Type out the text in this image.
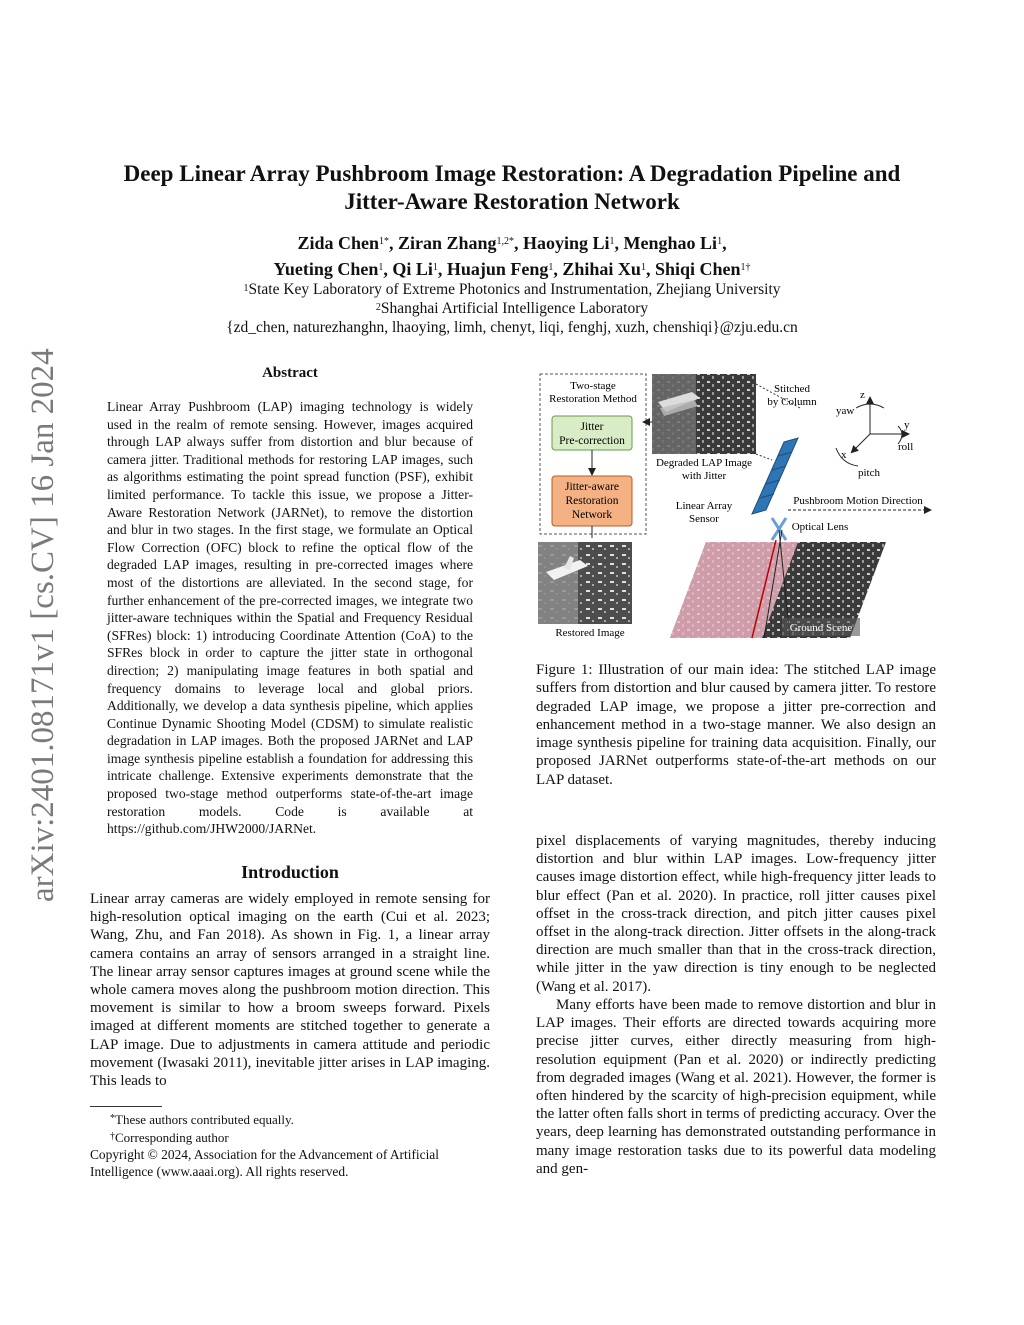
Deep Linear Array Pushbroom Image Restoration: A Degradation Pipeline and
Jitter-Aware Restoration Network
Zida Chen$^{1*}$, Ziran Zhang$^{1,2*}$, Haoying Li$^1$, Menghao Li$^1$,
Yueting Chen$^1$, Qi Li$^1$, Huajun Feng$^1$, Zhihai Xu$^1$, Shiqi Chen$^{1\dagger}$
$^1$State Key Laboratory of Extreme Photonics and Instrumentation, Zhejiang University
$^2$Shanghai Artificial Intelligence Laboratory
{zd_chen, naturezhanghn, lhaoying, limh, chenyt, liqi, fenghj, xuzh, chenshiqi}@zju.edu.cn
arXiv:2401.08171v1 [cs.CV] 16 Jan 2024	Abstract
Linear Array Pushbroom (LAP) imaging technology is widely used in the realm of remote sensing. However, images acquired through LAP always suffer from distortion and blur because of camera jitter. Traditional methods for restoring LAP images, such as algorithms estimating the point spread function (PSF), exhibit limited performance. To tackle this issue, we propose a Jitter-Aware Restoration Network (JARNet), to remove the distortion and blur in two stages. In the first stage, we formulate an Optical Flow Correction (OFC) block to refine the optical flow of the degraded LAP images, resulting in pre-corrected images where most of the distortions are alleviated. In the second stage, for further enhancement of the pre-corrected images, we integrate two jitter-aware techniques within the Spatial and Frequency Residual (SFRes) block: 1) introducing Coordinate Attention (CoA) to the SFRes block in order to capture the jitter state in orthogonal direction; 2) manipulating image features in both spatial and frequency domains to leverage local and global priors. Additionally, we develop a data synthesis pipeline, which applies Continue Dynamic Shooting Model (CDSM) to simulate realistic degradation in LAP images. Both the proposed JARNet and LAP image synthesis pipeline establish a foundation for addressing this intricate challenge. Extensive experiments demonstrate that the proposed two-stage method outperforms state-of-the-art image restoration models. Code is available at https://github.com/JHW2000/JARNet.
Introduction
Linear array cameras are widely employed in remote sensing for high-resolution optical imaging on the earth (Cui et al. 2023; Wang, Zhu, and Fan 2018). As shown in Fig. 1, a linear array camera contains an array of sensors arranged in a straight line. The linear array sensor captures images at ground scene while the whole camera moves along the pushbroom motion direction. This movement is similar to how a broom sweeps forward. Pixels imaged at different moments are stitched together to generate a LAP image. Due to adjustments in camera attitude and periodic movement (Iwasaki 2011), inevitable jitter arises in LAP imaging. This leads to
*These authors contributed equally.
†Corresponding author
Copyright © 2024, Association for the Advancement of Artificial Intelligence (www.aaai.org). All rights reserved.
Two-stage
Restoration Method
Jitter
Pre-correction
Jitter-aware
Restoration
Network
Restored Image
Degraded LAP Image
with Jitter
Stitched
by Column
Linear Array
Sensor
Pushbroom Motion Direction
Optical Lens
z
y
x
yaw
roll
pitch
Ground Scene
Figure 1: Illustration of our main idea: The stitched LAP image suffers from distortion and blur caused by camera jitter. To restore degraded LAP image, we propose a jitter pre-correction and enhancement method in a two-stage manner. We also design an image synthesis pipeline for training data acquisition. Finally, our proposed JARNet outperforms state-of-the-art methods on our LAP dataset.
pixel displacements of varying magnitudes, thereby inducing distortion and blur within LAP images. Low-frequency jitter causes image distortion effect, while high-frequency jitter leads to blur effect (Pan et al. 2020). In practice, roll jitter causes pixel offset in the cross-track direction, and pitch jitter causes pixel offset in the along-track direction. Jitter offsets in the along-track direction are much smaller than that in the cross-track direction, while jitter in the yaw direction is tiny enough to be neglected (Wang et al. 2017).
Many efforts have been made to remove distortion and blur in LAP images. Their efforts are directed towards acquiring more precise jitter curves, either directly measuring from high-resolution equipment (Pan et al. 2020) or indirectly predicting from degraded images (Wang et al. 2021). However, the former is often hindered by the scarcity of high-precision equipment, while the latter often falls short in terms of predicting accuracy. Over the years, deep learning has demonstrated outstanding performance in many image restoration tasks due to its powerful data modeling and gen-
